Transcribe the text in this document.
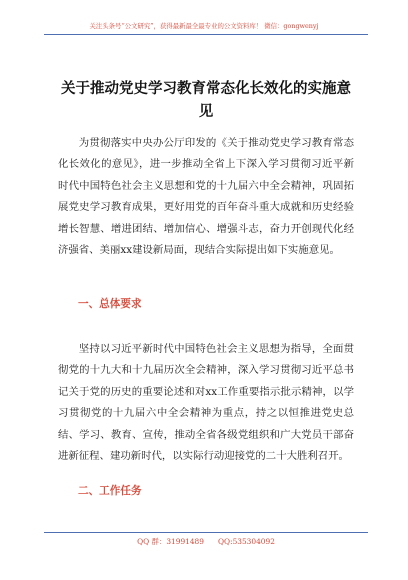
关注头条号“公文研究”，获得最新最全最专业的公文资料库！ 微信：gongwenyj
关于推动党史学习教育常态化长效化的实施意见

为贯彻落实中央办公厅印发的《关于推动党史学习教育常态化长效化的意见》，进一步推动全省上下深入学习贯彻习近平新时代中国特色社会主义思想和党的十九届六中全会精神，巩固拓展党史学习教育成果，更好用党的百年奋斗重大成就和历史经验增长智慧、增进团结、增加信心、增强斗志，奋力开创现代化经济强省、美丽xx建设新局面，现结合实际提出如下实施意见。

一、总体要求

坚持以习近平新时代中国特色社会主义思想为指导，全面贯彻党的十九大和十九届历次全会精神，深入学习贯彻习近平总书记关于党的历史的重要论述和对xx工作重要指示批示精神，以学习贯彻党的十九届六中全会精神为重点，持之以恒推进党史总结、学习、教育、宣传，推动全省各级党组织和广大党员干部奋进新征程、建功新时代，以实际行动迎接党的二十大胜利召开。

二、工作任务
QQ 群：31991489 QQ:535304092
